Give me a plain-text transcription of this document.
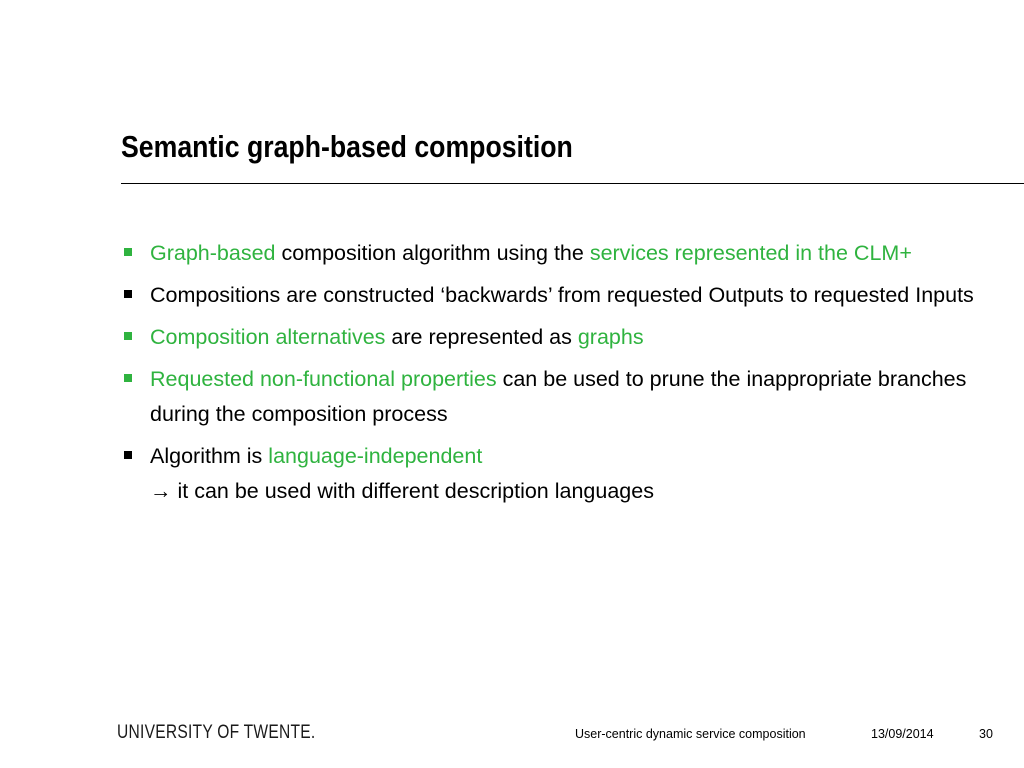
Semantic graph-based composition
Graph-based composition algorithm using the services represented in the CLM+
Compositions are constructed ‘backwards’ from requested Outputs to requested Inputs
Composition alternatives are represented as graphs
Requested non-functional properties can be used to prune the inappropriate branches during the composition process
Algorithm is language-independent
→ it can be used with different description languages
UNIVERSITY OF TWENTE.	User-centric dynamic service composition	13/09/2014	30
